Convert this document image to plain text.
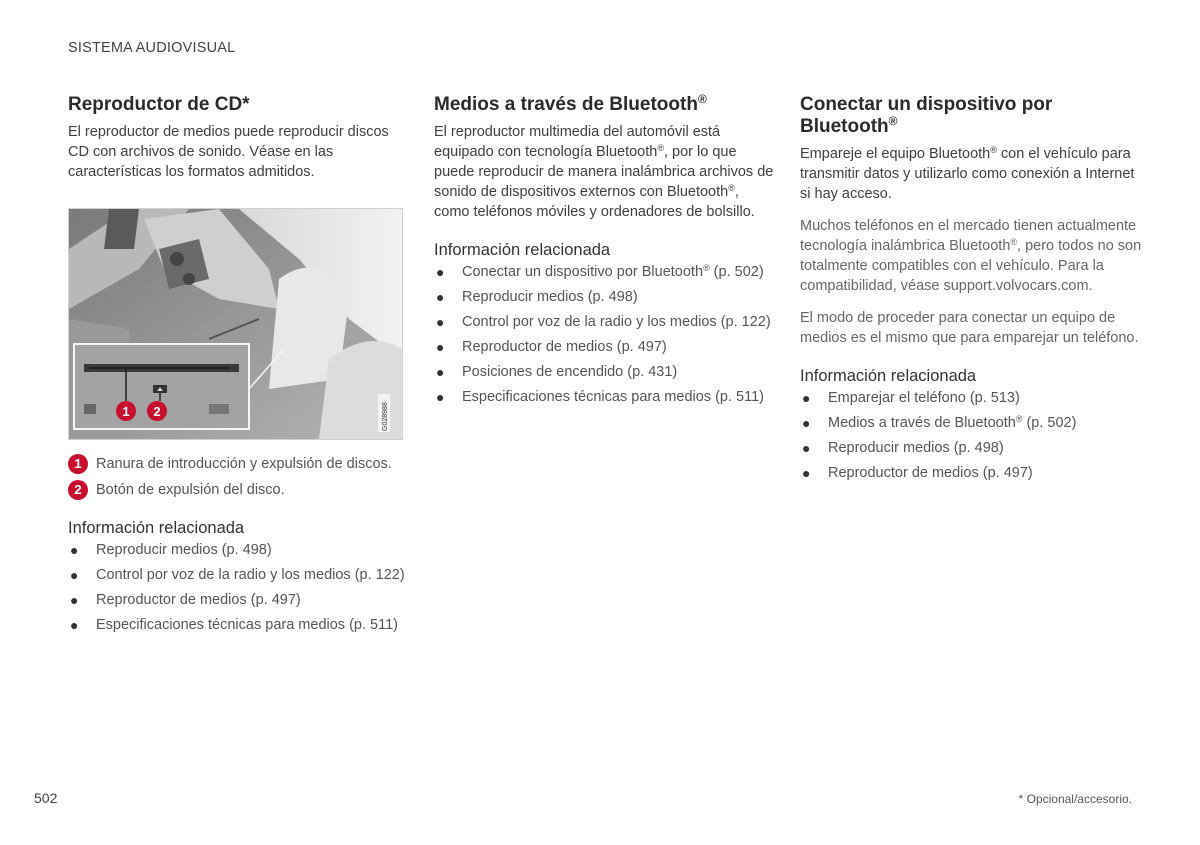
SISTEMA AUDIOVISUAL
Reproductor de CD*

El reproductor de medios puede reproducir discos CD con archivos de sonido. Véase en las características los formatos admitidos.

1 2	G028988
1 Ranura de introducción y expulsión de discos.
2 Botón de expulsión del disco.
Información relacionada
● Reproducir medios (p. 498)
● Control por voz de la radio y los medios (p. 122)
● Reproductor de medios (p. 497)
● Especificaciones técnicas para medios (p. 511)
Medios a través de Bluetooth®

El reproductor multimedia del automóvil está equipado con tecnología Bluetooth®, por lo que puede reproducir de manera inalámbrica archivos de sonido de dispositivos externos con Bluetooth®, como teléfonos móviles y ordenadores de bolsillo.

Información relacionada
● Conectar un dispositivo por Bluetooth® (p. 502)
● Reproducir medios (p. 498)
● Control por voz de la radio y los medios (p. 122)
● Reproductor de medios (p. 497)
● Posiciones de encendido (p. 431)
● Especificaciones técnicas para medios (p. 511)
Conectar un dispositivo por Bluetooth®

Empareje el equipo Bluetooth® con el vehículo para transmitir datos y utilizarlo como conexión a Internet si hay acceso.

Muchos teléfonos en el mercado tienen actualmente tecnología inalámbrica Bluetooth®, pero todos no son totalmente compatibles con el vehículo. Para la compatibilidad, véase support.volvocars.com.

El modo de proceder para conectar un equipo de medios es el mismo que para emparejar un teléfono.

Información relacionada
● Emparejar el teléfono (p. 513)
● Medios a través de Bluetooth® (p. 502)
● Reproducir medios (p. 498)
● Reproductor de medios (p. 497)
502	* Opcional/accesorio.
